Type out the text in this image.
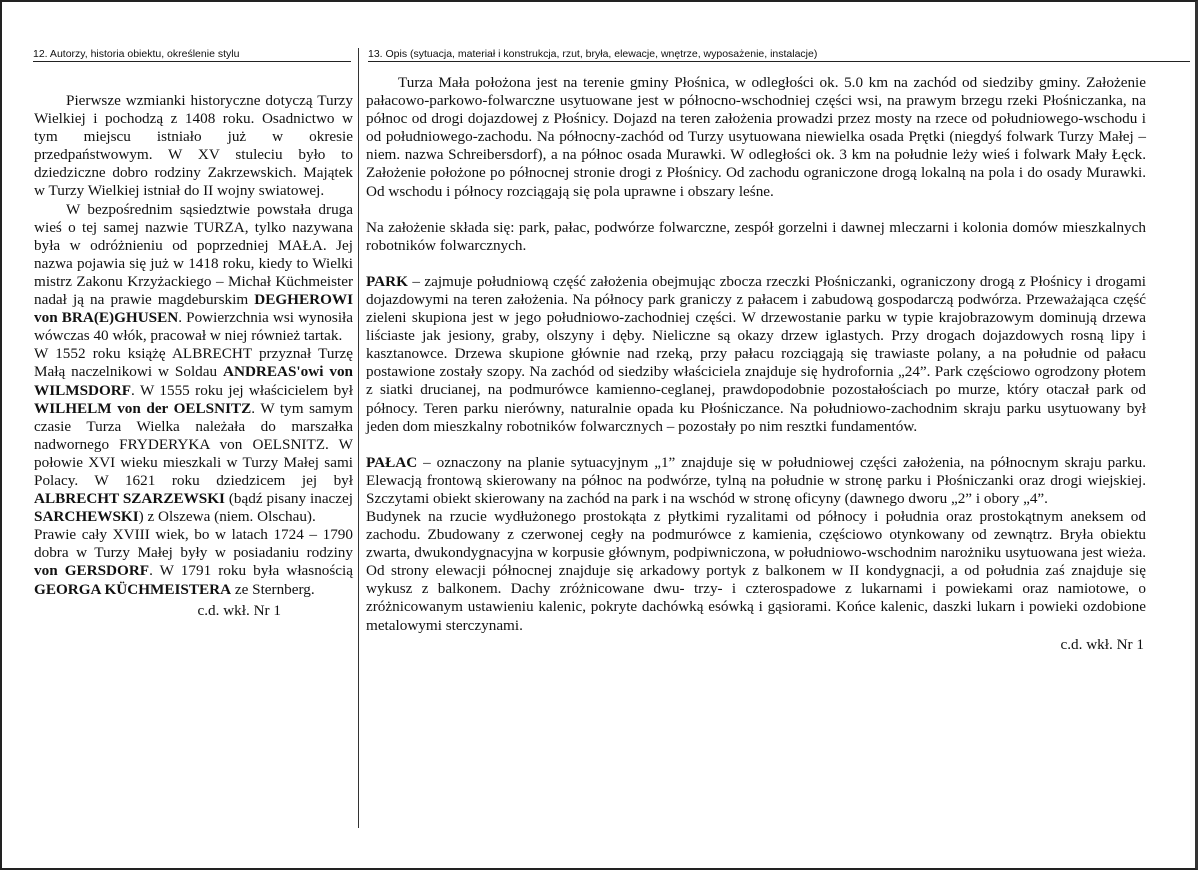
12. Autorzy, historia obiektu, określenie stylu	13. Opis (sytuacja, materiał i konstrukcja, rzut, bryła, elewacje, wnętrze, wyposażenie, instalacje)

Pierwsze wzmianki historyczne dotyczą Turzy Wielkiej i pochodzą z 1408 roku. Osadnictwo w tym miejscu istniało już w okresie przedpaństwowym. W XV stuleciu było to dziedziczne dobro rodziny Zakrzewskich. Majątek w Turzy Wielkiej istniał do II wojny swiatowej.

W bezpośrednim sąsiedztwie powstała druga wieś o tej samej nazwie TURZA, tylko nazywana była w odróżnieniu od poprzedniej MAŁA. Jej nazwa pojawia się już w 1418 roku, kiedy to Wielki mistrz Zakonu Krzyżackiego – Michał Küchmeister nadał ją na prawie magdeburskim DEGHEROWI von BRA(E)GHUSEN. Powierzchnia wsi wynosiła wówczas 40 włók, pracował w niej również tartak.

W 1552 roku książę ALBRECHT przyznał Turzę Małą naczelnikowi w Soldau ANDREAS'owi von WILMSDORF. W 1555 roku jej właścicielem był WILHELM von der OELSNITZ. W tym samym czasie Turza Wielka należała do marszałka nadwornego FRYDERYKA von OELSNITZ. W połowie XVI wieku mieszkali w Turzy Małej sami Polacy. W 1621 roku dziedzicem jej był ALBRECHT SZARZEWSKI (bądź pisany inaczej SARCHEWSKI) z Olszewa (niem. Olschau).

Prawie cały XVIII wiek, bo w latach 1724 – 1790 dobra w Turzy Małej były w posiadaniu rodziny von GERSDORF. W 1791 roku była własnością GEORGA KÜCHMEISTERA ze Sternberg.

c.d. wkł. Nr 1

Turza Mała położona jest na terenie gminy Płośnica, w odległości ok. 5.0 km na zachód od siedziby gminy. Założenie pałacowo-parkowo-folwarczne usytuowane jest w północno-wschodniej części wsi, na prawym brzegu rzeki Płośniczanka, na północ od drogi dojazdowej z Płośnicy. Dojazd na teren założenia prowadzi przez mosty na rzece od południowego-wschodu i od południowego-zachodu. Na północny-zachód od Turzy usytuowana niewielka osada Prętki (niegdyś folwark Turzy Małej – niem. nazwa Schreibersdorf), a na północ osada Murawki. W odległości ok. 3 km na południe leży wieś i folwark Mały Łęck. Założenie położone po północnej stronie drogi z Płośnicy. Od zachodu ograniczone drogą lokalną na pola i do osady Murawki. Od wschodu i północy rozciągają się pola uprawne i obszary leśne.

Na założenie składa się: park, pałac, podwórze folwarczne, zespół gorzelni i dawnej mleczarni i kolonia domów mieszkalnych robotników folwarcznych.

PARK – zajmuje południową część założenia obejmując zbocza rzeczki Płośniczanki, ograniczony drogą z Płośnicy i drogami dojazdowymi na teren założenia. Na północy park graniczy z pałacem i zabudową gospodarczą podwórza. Przeważająca część zieleni skupiona jest w jego południowo-zachodniej części. W drzewostanie parku w typie krajobrazowym dominują drzewa liściaste jak jesiony, graby, olszyny i dęby. Nieliczne są okazy drzew iglastych. Przy drogach dojazdowych rosną lipy i kasztanowce. Drzewa skupione głównie nad rzeką, przy pałacu rozciągają się trawiaste polany, a na południe od pałacu postawione zostały szopy. Na zachód od siedziby właściciela znajduje się hydrofornia „24”. Park częściowo ogrodzony płotem z siatki drucianej, na podmurówce kamienno-ceglanej, prawdopodobnie pozostałościach po murze, który otaczał park od północy. Teren parku nierówny, naturalnie opada ku Płośniczance. Na południowo-zachodnim skraju parku usytuowany był jeden dom mieszkalny robotników folwarcznych – pozostały po nim resztki fundamentów.

PAŁAC – oznaczony na planie sytuacyjnym „1” znajduje się w południowej części założenia, na północnym skraju parku. Elewacją frontową skierowany na północ na podwórze, tylną na południe w stronę parku i Płośniczanki oraz drogi wiejskiej. Szczytami obiekt skierowany na zachód na park i na wschód w stronę oficyny (dawnego dworu „2” i obory „4”.

Budynek na rzucie wydłużonego prostokąta z płytkimi ryzalitami od północy i południa oraz prostokątnym aneksem od zachodu. Zbudowany z czerwonej cegły na podmurówce z kamienia, częściowo otynkowany od zewnątrz. Bryła obiektu zwarta, dwukondygnacyjna w korpusie głównym, podpiwniczona, w południowo-wschodnim narożniku usytuowana jest wieża. Od strony elewacji północnej znajduje się arkadowy portyk z balkonem w II kondygnacji, a od południa zaś znajduje się wykusz z balkonem. Dachy zróżnicowane dwu- trzy- i czterospadowe z lukarnami i powiekami oraz namiotowe, o zróżnicowanym ustawieniu kalenic, pokryte dachówką esówką i gąsiorami. Końce kalenic, daszki lukarn i powieki ozdobione metalowymi sterczynami.

c.d. wkł. Nr 1
